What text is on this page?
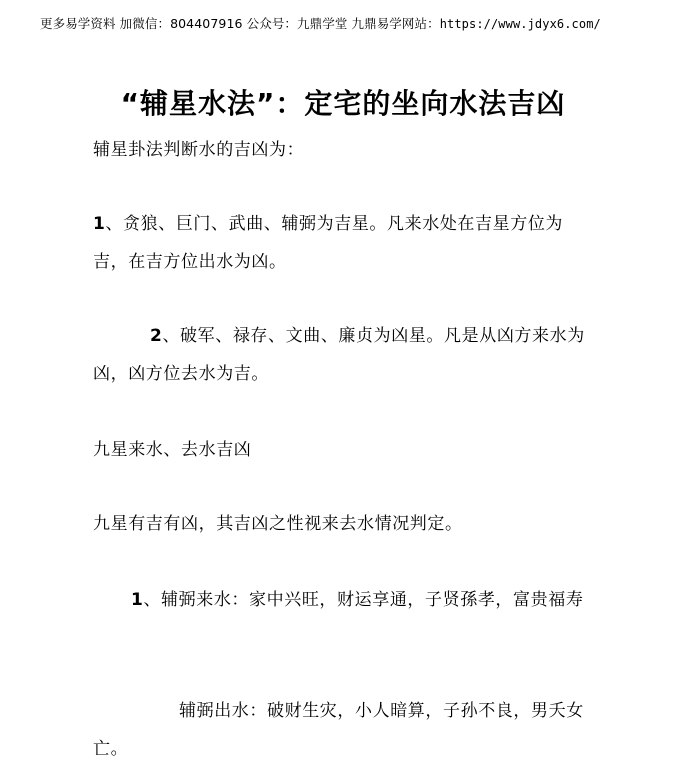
更多易学资料 加微信：804407916 公众号：九鼎学堂 九鼎易学网站：https://www.jdyx6.com/
“辅星水法”：定宅的坐向水法吉凶
辅星卦法判断水的吉凶为：
1、贪狼、巨门、武曲、辅弼为吉星。凡来水处在吉星方位为吉，在吉方位出水为凶。
2、破军、禄存、文曲、廉贞为凶星。凡是从凶方来水为凶，凶方位去水为吉。
九星来水、去水吉凶
九星有吉有凶，其吉凶之性视来去水情况判定。
1、辅弼来水：家中兴旺，财运享通，子贤孫孝，富贵福寿
辅弼出水：破财生灾，小人暗算，子孙不良，男夭女亡。
